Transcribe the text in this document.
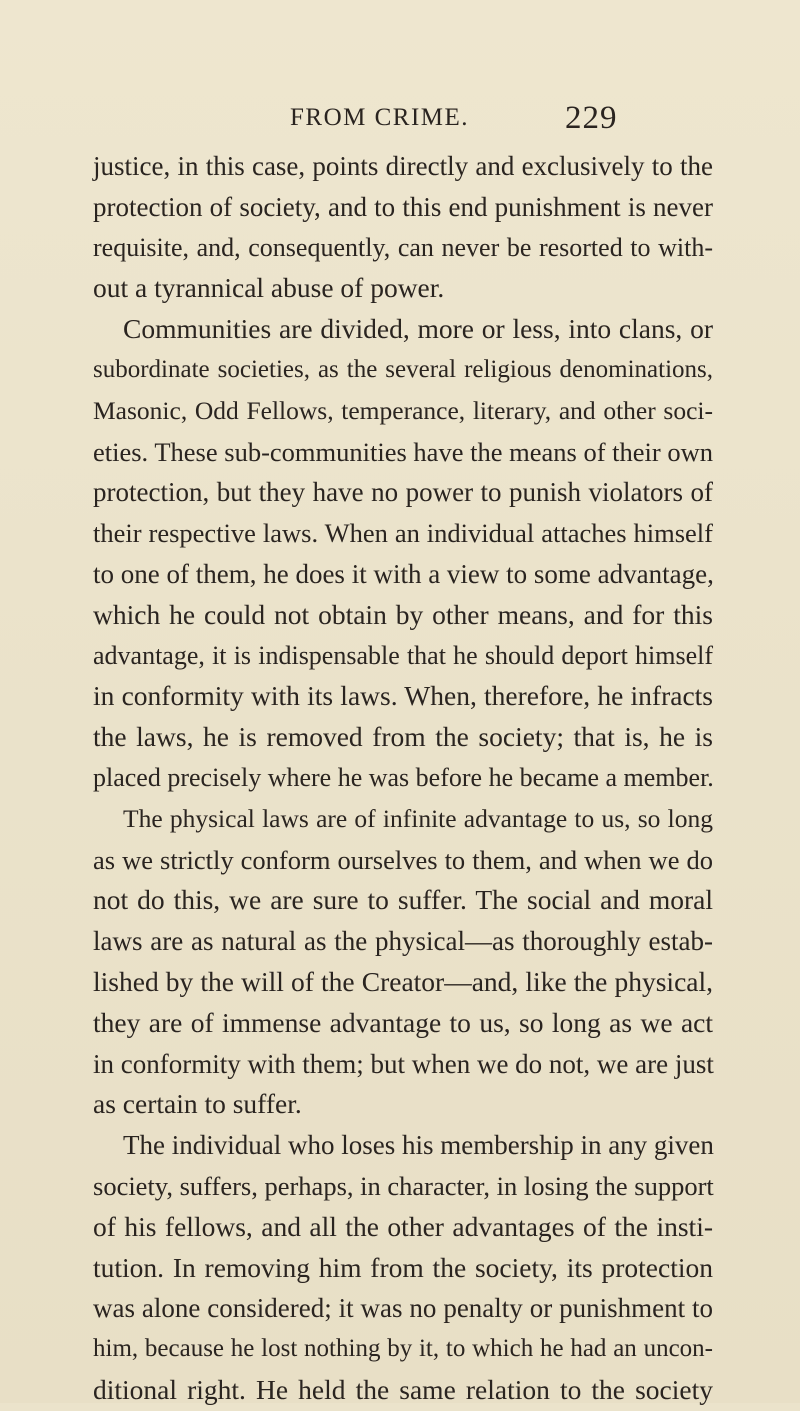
FROM CRIME.	229
justice, in this case, points directly and exclusively to the
protection of society, and to this end punishment is never
requisite, and, consequently, can never be resorted to with-
out a tyrannical abuse of power.
Communities are divided, more or less, into clans, or
subordinate societies, as the several religious denominations,
Masonic, Odd Fellows, temperance, literary, and other soci-
eties. These sub-communities have the means of their own
protection, but they have no power to punish violators of
their respective laws. When an individual attaches himself
to one of them, he does it with a view to some advantage,
which he could not obtain by other means, and for this
advantage, it is indispensable that he should deport himself
in conformity with its laws. When, therefore, he infracts
the laws, he is removed from the society; that is, he is
placed precisely where he was before he became a member.
The physical laws are of infinite advantage to us, so long
as we strictly conform ourselves to them, and when we do
not do this, we are sure to suffer. The social and moral
laws are as natural as the physical—as thoroughly estab-
lished by the will of the Creator—and, like the physical,
they are of immense advantage to us, so long as we act
in conformity with them; but when we do not, we are just
as certain to suffer.
The individual who loses his membership in any given
society, suffers, perhaps, in character, in losing the support
of his fellows, and all the other advantages of the insti-
tution. In removing him from the society, its protection
was alone considered; it was no penalty or punishment to
him, because he lost nothing by it, to which he had an uncon-
ditional right. He held the same relation to the society
